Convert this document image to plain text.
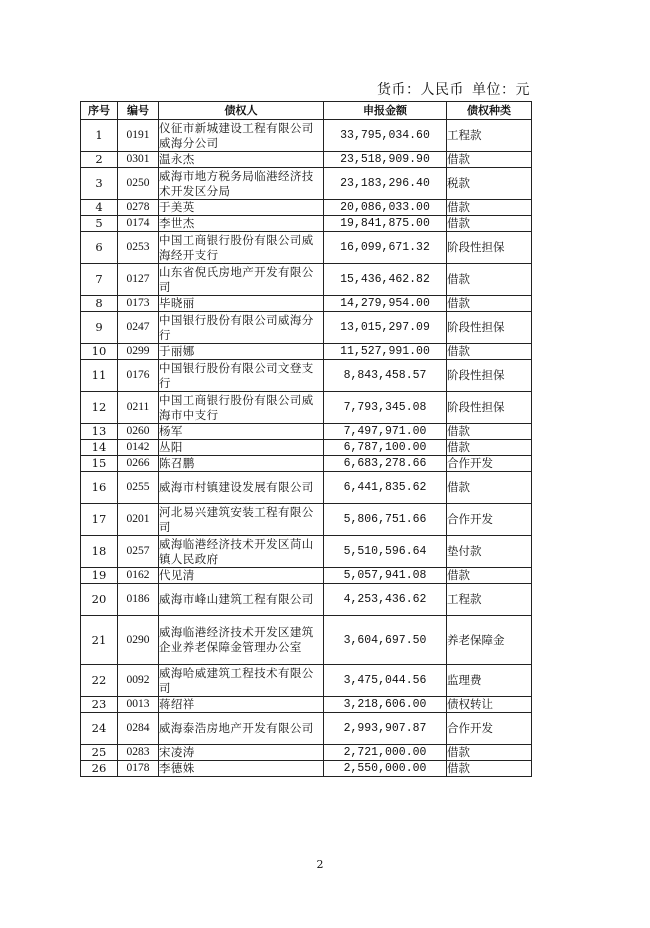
货币：人民币 单位：元
序号	编号	债权人	申报金额	债权种类
1	0191	仪征市新城建设工程有限公司威海分公司	33,795,034.60	工程款
2	0301	温永杰	23,518,909.90	借款
3	0250	威海市地方税务局临港经济技术开发区分局	23,183,296.40	税款
4	0278	于美英	20,086,033.00	借款
5	0174	李世杰	19,841,875.00	借款
6	0253	中国工商银行股份有限公司威海经开支行	16,099,671.32	阶段性担保
7	0127	山东省倪氏房地产开发有限公司	15,436,462.82	借款
8	0173	毕晓丽	14,279,954.00	借款
9	0247	中国银行股份有限公司威海分行	13,015,297.09	阶段性担保
10	0299	于丽娜	11,527,991.00	借款
11	0176	中国银行股份有限公司文登支行	8,843,458.57	阶段性担保
12	0211	中国工商银行股份有限公司威海市中支行	7,793,345.08	阶段性担保
13	0260	杨军	7,497,971.00	借款
14	0142	丛阳	6,787,100.00	借款
15	0266	陈召鹏	6,683,278.66	合作开发
16	0255	威海市村镇建设发展有限公司	6,441,835.62	借款
17	0201	河北易兴建筑安装工程有限公司	5,806,751.66	合作开发
18	0257	威海临港经济技术开发区苘山镇人民政府	5,510,596.64	垫付款
19	0162	代见清	5,057,941.08	借款
20	0186	威海市峰山建筑工程有限公司	4,253,436.62	工程款
21	0290	威海临港经济技术开发区建筑企业养老保障金管理办公室	3,604,697.50	养老保障金
22	0092	威海哈威建筑工程技术有限公司	3,475,044.56	监理费
23	0013	蒋绍祥	3,218,606.00	债权转让
24	0284	威海泰浩房地产开发有限公司	2,993,907.87	合作开发
25	0283	宋凌涛	2,721,000.00	借款
26	0178	李德姝	2,550,000.00	借款
2
